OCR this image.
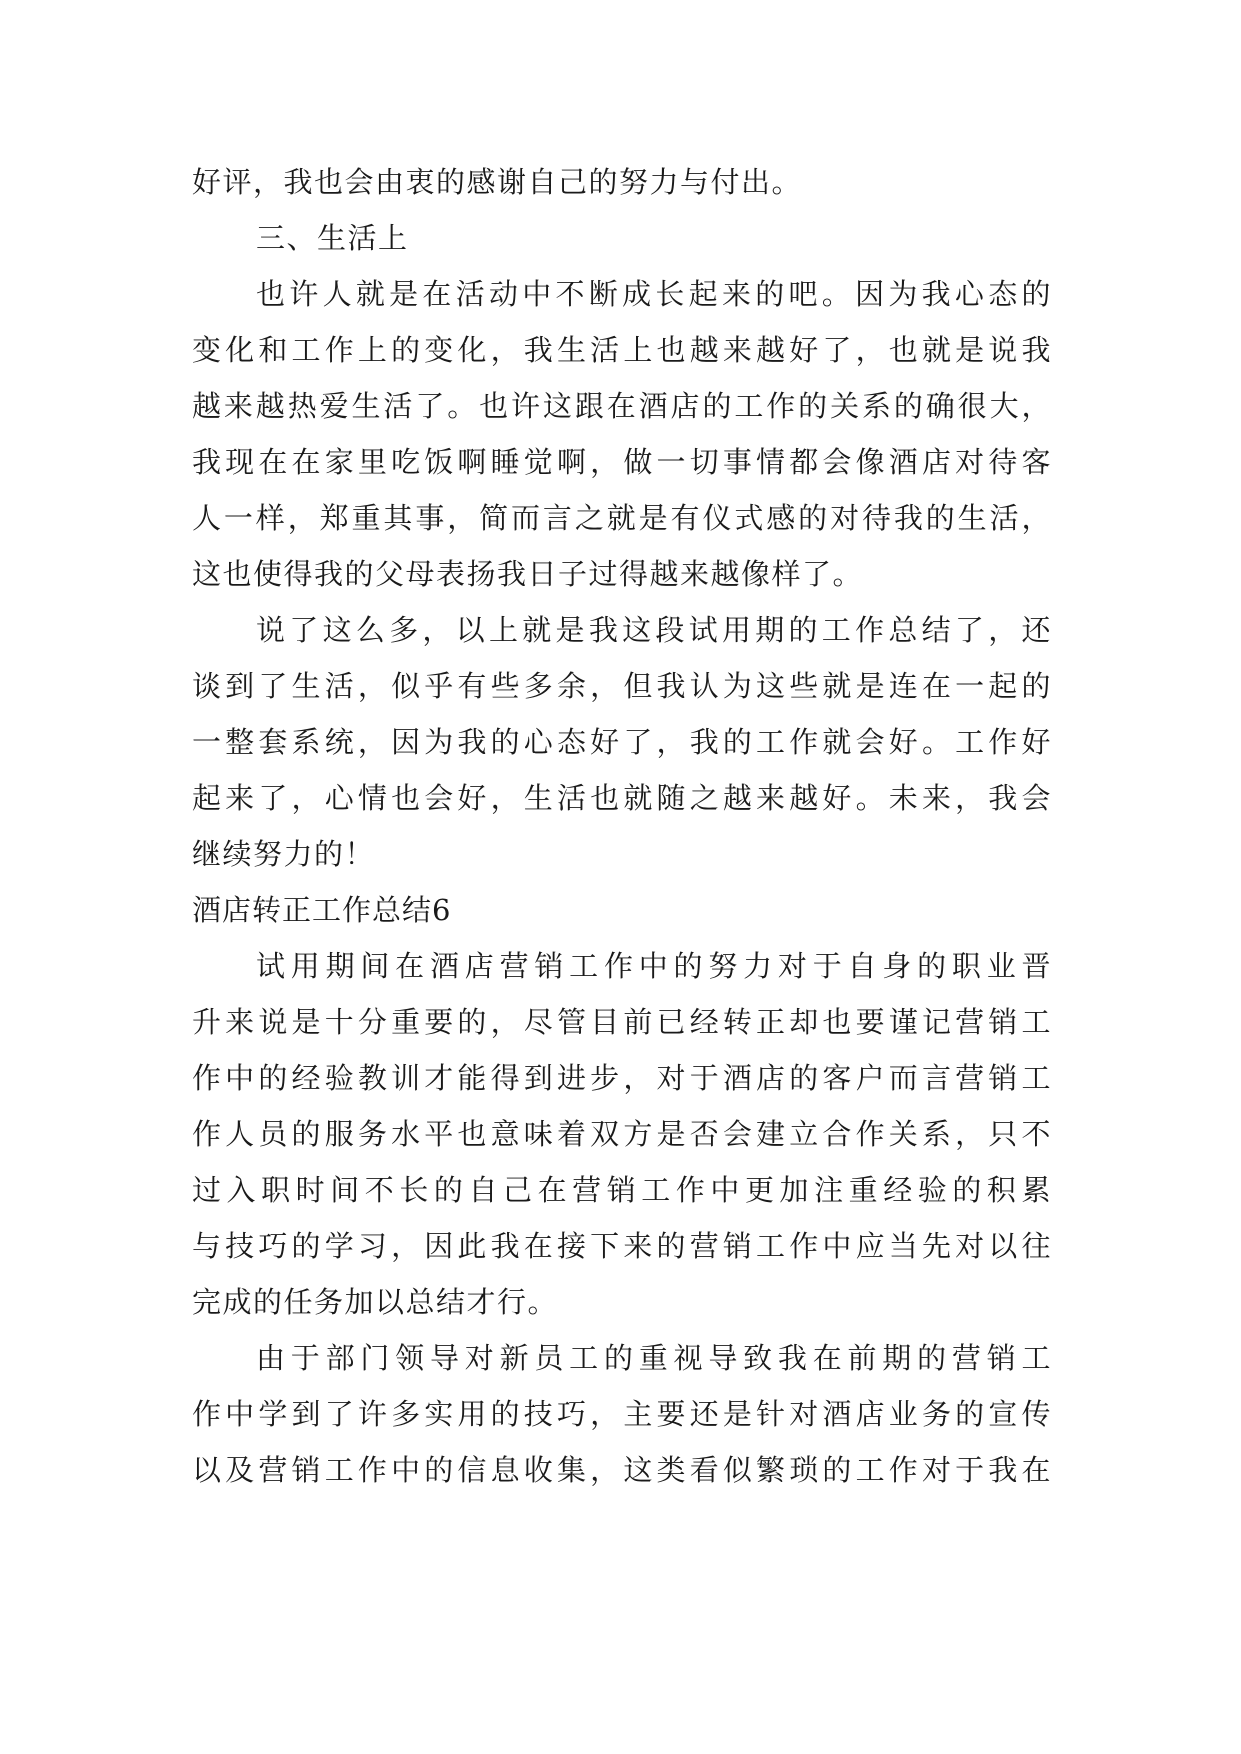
好评，我也会由衷的感谢自己的努力与付出。
三、生活上
也许人就是在活动中不断成长起来的吧。因为我心态的
变化和工作上的变化，我生活上也越来越好了，也就是说我
越来越热爱生活了。也许这跟在酒店的工作的关系的确很大，
我现在在家里吃饭啊睡觉啊，做一切事情都会像酒店对待客
人一样，郑重其事，简而言之就是有仪式感的对待我的生活，
这也使得我的父母表扬我日子过得越来越像样了。
说了这么多，以上就是我这段试用期的工作总结了，还
谈到了生活，似乎有些多余，但我认为这些就是连在一起的
一整套系统，因为我的心态好了，我的工作就会好。工作好
起来了，心情也会好，生活也就随之越来越好。未来，我会
继续努力的！
酒店转正工作总结6
试用期间在酒店营销工作中的努力对于自身的职业晋
升来说是十分重要的，尽管目前已经转正却也要谨记营销工
作中的经验教训才能得到进步，对于酒店的客户而言营销工
作人员的服务水平也意味着双方是否会建立合作关系，只不
过入职时间不长的自己在营销工作中更加注重经验的积累
与技巧的学习，因此我在接下来的营销工作中应当先对以往
完成的任务加以总结才行。
由于部门领导对新员工的重视导致我在前期的营销工
作中学到了许多实用的技巧，主要还是针对酒店业务的宣传
以及营销工作中的信息收集，这类看似繁琐的工作对于我在
